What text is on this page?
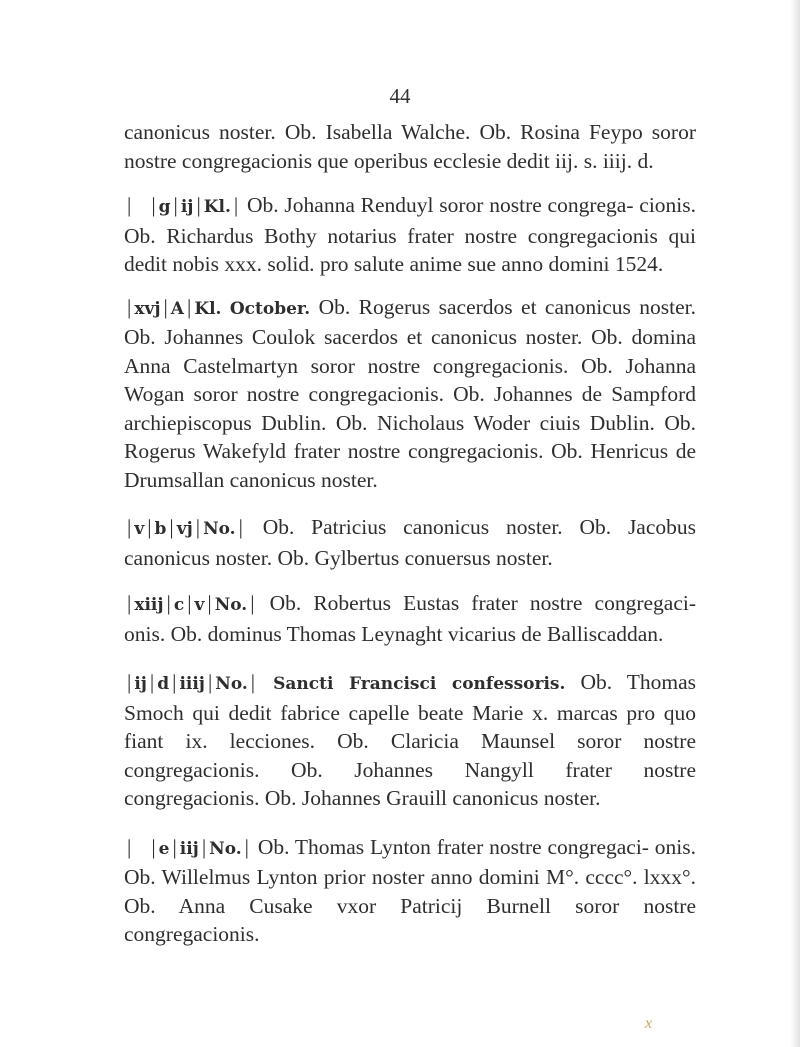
44

canonicus noster. Ob. Isabella Walche. Ob. Rosina Feypo soror nostre congregacionis que operibus ecclesie dedit iij. s. iiij. d.

| | g | ij | Kl. | Ob. Johanna Renduyl soror nostre congrega- cionis. Ob. Richardus Bothy notarius frater nostre congregacionis qui dedit nobis xxx. solid. pro salute anime sue anno domini 1524.

| xvj | A | Kl. October. Ob. Rogerus sacerdos et canonicus noster. Ob. Johannes Coulok sacerdos et canonicus noster. Ob. domina Anna Castelmartyn soror nostre congregacionis. Ob. Johanna Wogan soror nostre congregacionis. Ob. Johannes de Sampford archiepiscopus Dublin. Ob. Nicholaus Woder ciuis Dublin. Ob. Rogerus Wakefyld frater nostre congregacionis. Ob. Henricus de Drumsallan canonicus noster.

| v | b | vj | No. | Ob. Patricius canonicus noster. Ob. Jacobus canonicus noster. Ob. Gylbertus conuersus noster.

| xiij | c | v | No. | Ob. Robertus Eustas frater nostre congregaci- onis. Ob. dominus Thomas Leynaght vicarius de Balliscaddan.

| ij | d | iiij | No. | Sancti Francisci confessoris. Ob. Thomas Smoch qui dedit fabrice capelle beate Marie x. marcas pro quo fiant ix. lecciones. Ob. Claricia Maunsel soror nostre congregacionis. Ob. Johannes Nangyll frater nostre congregacionis. Ob. Johannes Grauill canonicus noster.

| | e | iij | No. | Ob. Thomas Lynton frater nostre congregaci- onis. Ob. Willelmus Lynton prior noster anno domini M°. cccc°. lxxx°. Ob. Anna Cusake vxor Patricij Burnell soror nostre congregacionis.

x
